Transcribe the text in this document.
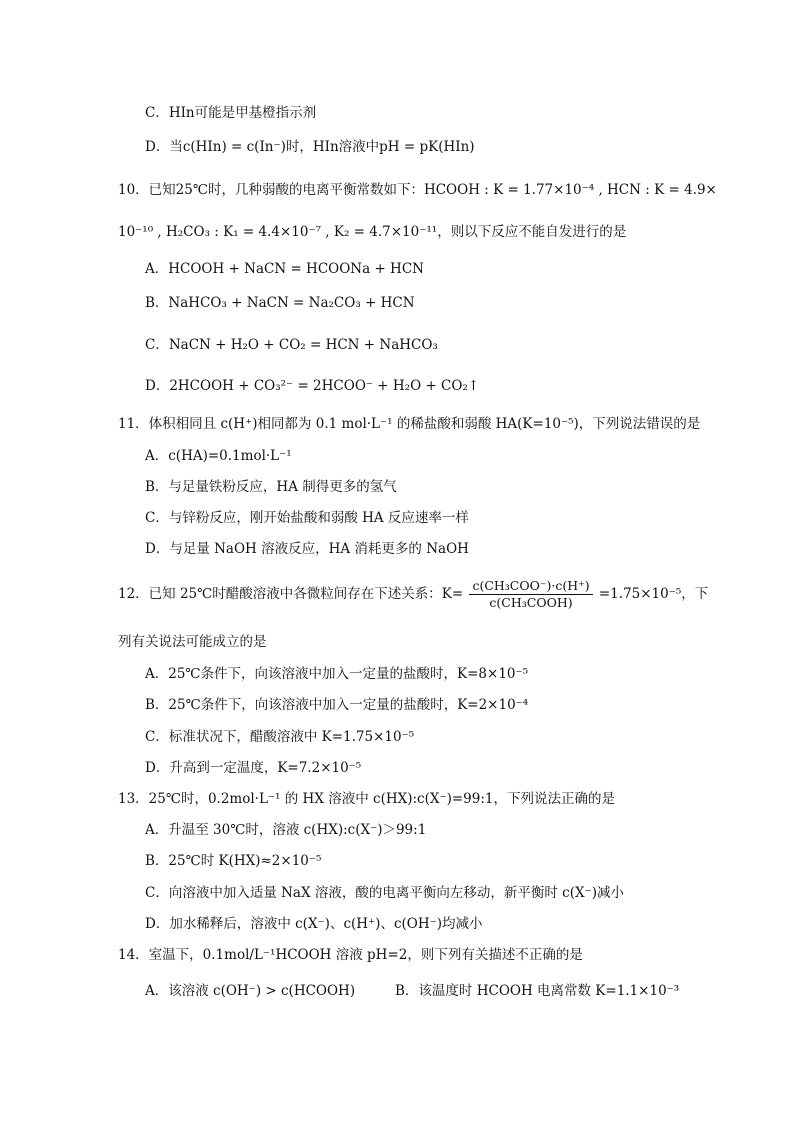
C．HIn可能是甲基橙指示剂
D．当c(HIn) = c(In⁻)时，HIn溶液中pH = pK(HIn)
10．已知25℃时，几种弱酸的电离平衡常数如下：HCOOH : K = 1.77×10⁻⁴ , HCN : K = 4.9×
10⁻¹⁰ , H₂CO₃ : K₁ = 4.4×10⁻⁷ , K₂ = 4.7×10⁻¹¹，则以下反应不能自发进行的是
A．HCOOH + NaCN = HCOONa + HCN
B．NaHCO₃ + NaCN = Na₂CO₃ + HCN
C．NaCN + H₂O + CO₂ = HCN + NaHCO₃
D．2HCOOH + CO₃²⁻ = 2HCOO⁻ + H₂O + CO₂↑
11．体积相同且 c(H⁺)相同都为 0.1 mol·L⁻¹ 的稀盐酸和弱酸 HA(K=10⁻⁵)，下列说法错误的是
A．c(HA)=0.1mol·L⁻¹
B．与足量铁粉反应，HA 制得更多的氢气
C．与锌粉反应，刚开始盐酸和弱酸 HA 反应速率一样
D．与足量 NaOH 溶液反应，HA 消耗更多的 NaOH
12．已知 25℃时醋酸溶液中各微粒间存在下述关系：$K= \frac{\text{c(CH₃COO⁻)·c(H⁺)}}{\text{c(CH₃COOH)}} =1.75\times 10^{-5}$，下
列有关说法可能成立的是
A．25℃条件下，向该溶液中加入一定量的盐酸时，K=8×10⁻⁵
B．25℃条件下，向该溶液中加入一定量的盐酸时，K=2×10⁻⁴
C．标准状况下，醋酸溶液中 K=1.75×10⁻⁵
D．升高到一定温度，K=7.2×10⁻⁵
13．25℃时，0.2mol·L⁻¹ 的 HX 溶液中 c(HX):c(X⁻)=99:1，下列说法正确的是
A．升温至 30℃时，溶液 c(HX):c(X⁻)＞99:1
B．25℃时 K(HX)≈2×10⁻⁵
C．向溶液中加入适量 NaX 溶液，酸的电离平衡向左移动，新平衡时 c(X⁻)减小
D．加水稀释后，溶液中 c(X⁻)、c(H⁺)、c(OH⁻)均减小
14．室温下，0.1mol/L⁻¹HCOOH 溶液 pH=2，则下列有关描述不正确的是
A．该溶液 c(OH⁻) > c(HCOOH)	B．该温度时 HCOOH 电离常数 K=1.1×10⁻³
